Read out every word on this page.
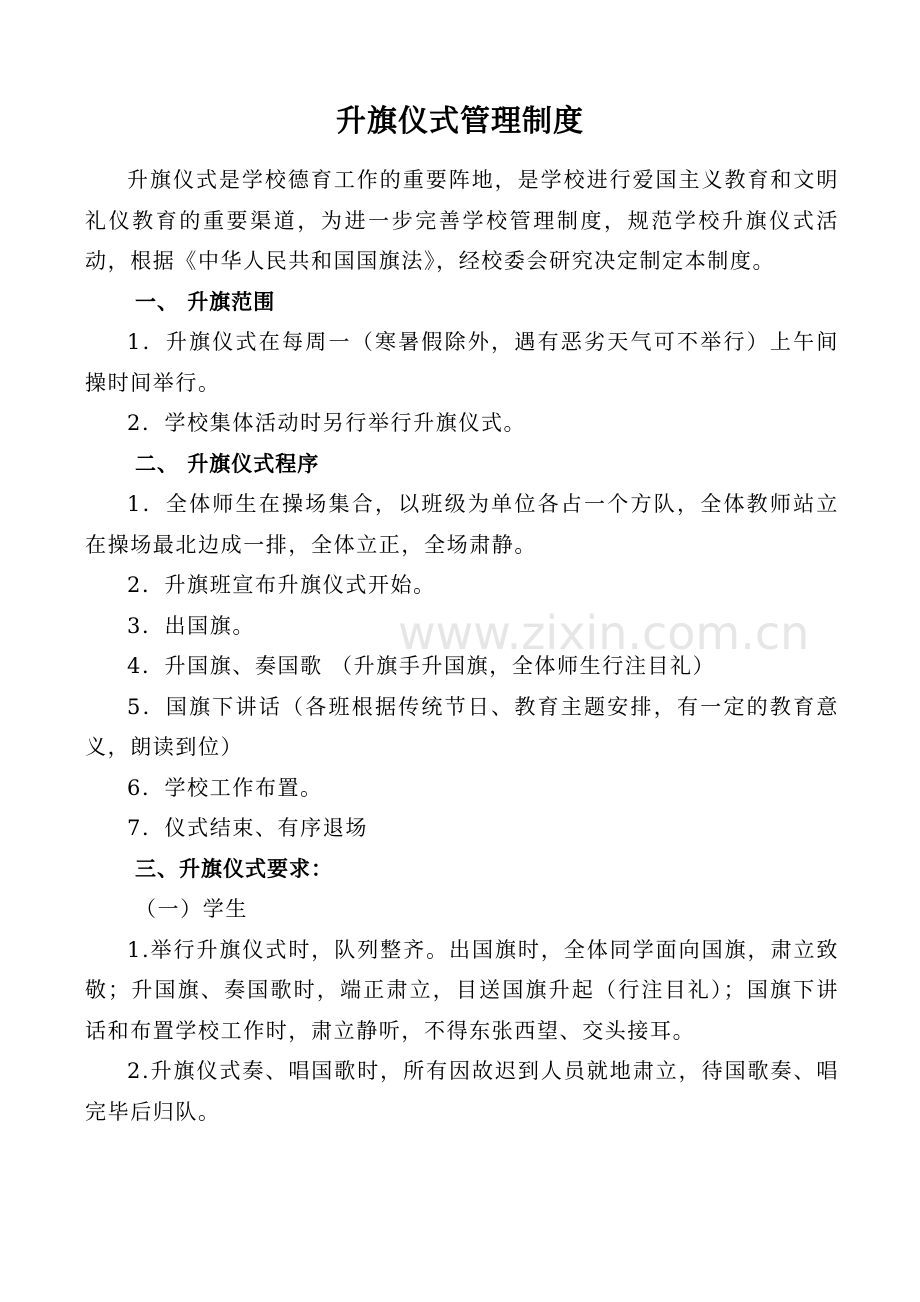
升旗仪式管理制度

升旗仪式是学校德育工作的重要阵地，是学校进行爱国主义教育和文明礼仪教育的重要渠道，为进一步完善学校管理制度，规范学校升旗仪式活动，根据《中华人民共和国国旗法》，经校委会研究决定制定本制度。

一、 升旗范围

1．升旗仪式在每周一（寒暑假除外，遇有恶劣天气可不举行）上午间操时间举行。

2．学校集体活动时另行举行升旗仪式。

二、 升旗仪式程序

1．全体师生在操场集合，以班级为单位各占一个方队，全体教师站立在操场最北边成一排，全体立正，全场肃静。

2．升旗班宣布升旗仪式开始。

3．出国旗。

4．升国旗、奏国歌 （升旗手升国旗，全体师生行注目礼）

5．国旗下讲话（各班根据传统节日、教育主题安排，有一定的教育意义，朗读到位）

6．学校工作布置。

7．仪式结束、有序退场

三、升旗仪式要求：

（一）学生

1.举行升旗仪式时，队列整齐。出国旗时，全体同学面向国旗，肃立致敬；升国旗、奏国歌时，端正肃立，目送国旗升起（行注目礼）；国旗下讲话和布置学校工作时，肃立静听，不得东张西望、交头接耳。

2.升旗仪式奏、唱国歌时，所有因故迟到人员就地肃立，待国歌奏、唱完毕后归队。

www.zixin.com.cn
